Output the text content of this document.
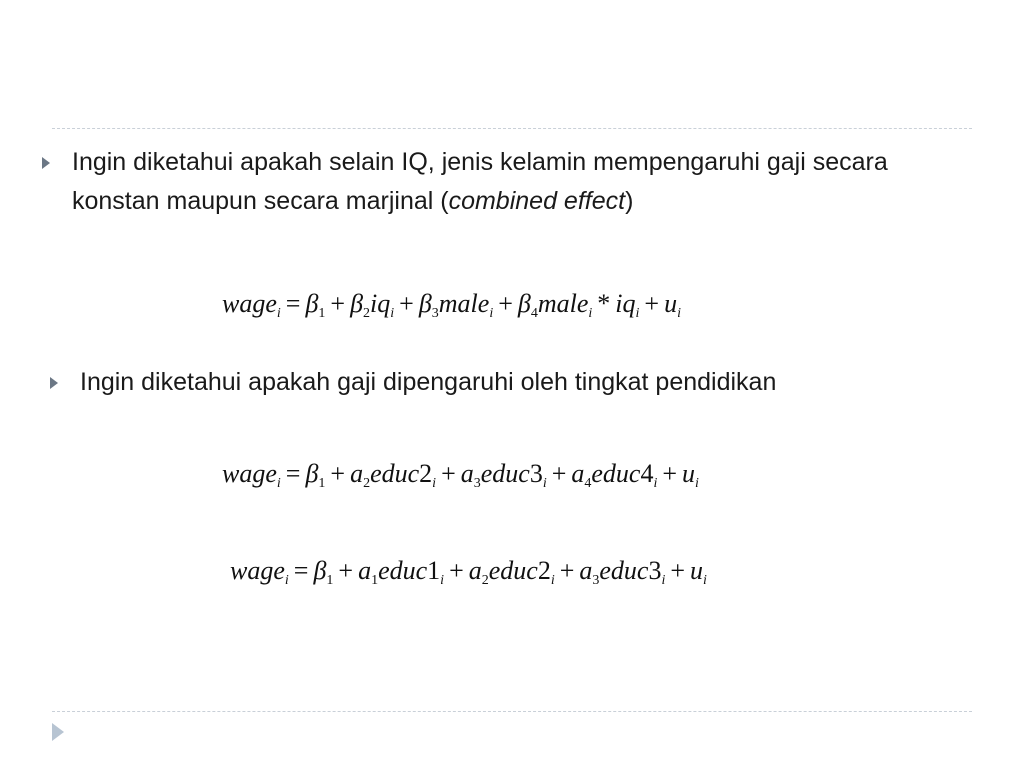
Ingin diketahui apakah selain IQ, jenis kelamin mempengaruhi gaji secara konstan maupun secara marjinal (combined effect)
wage$_i$ = $\beta_1 + \beta_2iq_i$ + $\beta_3male_i$ + $\beta_4male_i * iq_i + u_i$
Ingin diketahui apakah gaji dipengaruhi oleh tingkat pendidikan
wage$_i$ = $\beta_1$ + $a_2educ2_i$ + $a_3educ3_i$ + $a_4educ4_i + u_i$
wage$_i$ = $\beta_1$ + $a_1educ1_i$ + $a_2educ2_i$ + $a_3educ3_i + u_i$
